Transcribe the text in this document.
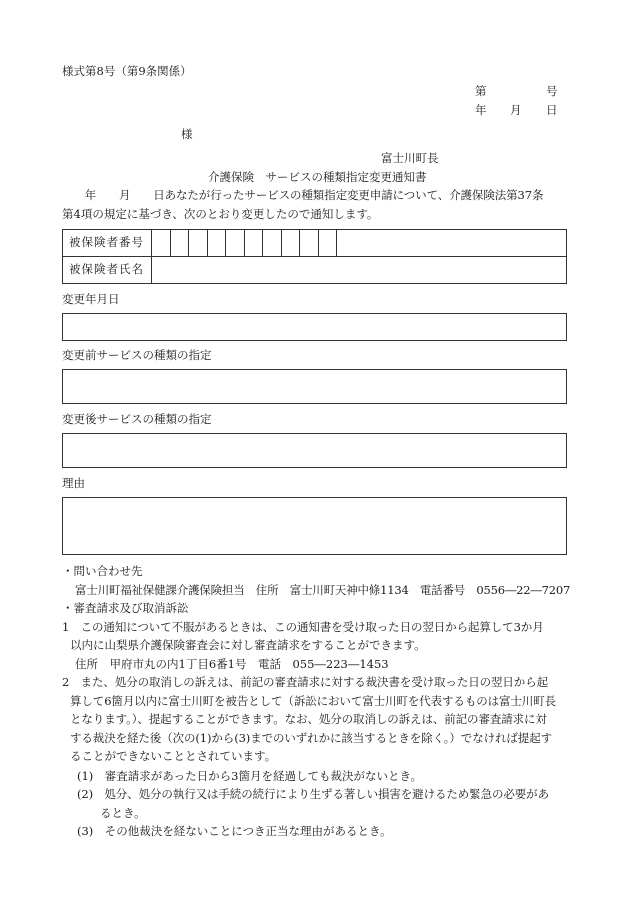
様式第8号（第9条関係）
第	号
年 月 日
様
富士川町長
介護保険　サービスの種類指定変更通知書
　　年　　月　　日あなたが行ったサービスの種類指定変更申請について、介護保険法第37条
第4項の規定に基づき、次のとおり変更したので通知します。
被保険者番号
被保険者氏名
変更年月日
変更前サービスの種類の指定
変更後サービスの種類の指定
理由
・問い合わせ先
富士川町福祉保健課介護保険担当　住所　富士川町天神中條1134　電話番号　0556―22―7207
・審査請求及び取消訴訟
1　この通知について不服があるときは、この通知書を受け取った日の翌日から起算して3か月
以内に山梨県介護保険審査会に対し審査請求をすることができます。
住所　甲府市丸の内1丁目6番1号　電話　055―223―1453
2　また、処分の取消しの訴えは、前記の審査請求に対する裁決書を受け取った日の翌日から起
算して6箇月以内に富士川町を被告として（訴訟において富士川町を代表するものは富士川町長
となります。）、提起することができます。なお、処分の取消しの訴えは、前記の審査請求に対
する裁決を経た後（次の(1)から(3)までのいずれかに該当するときを除く。）でなければ提起す
ることができないこととされています。
(1)　審査請求があった日から3箇月を経過しても裁決がないとき。
(2)　処分、処分の執行又は手続の続行により生ずる著しい損害を避けるため緊急の必要があ
るとき。
(3)　その他裁決を経ないことにつき正当な理由があるとき。
